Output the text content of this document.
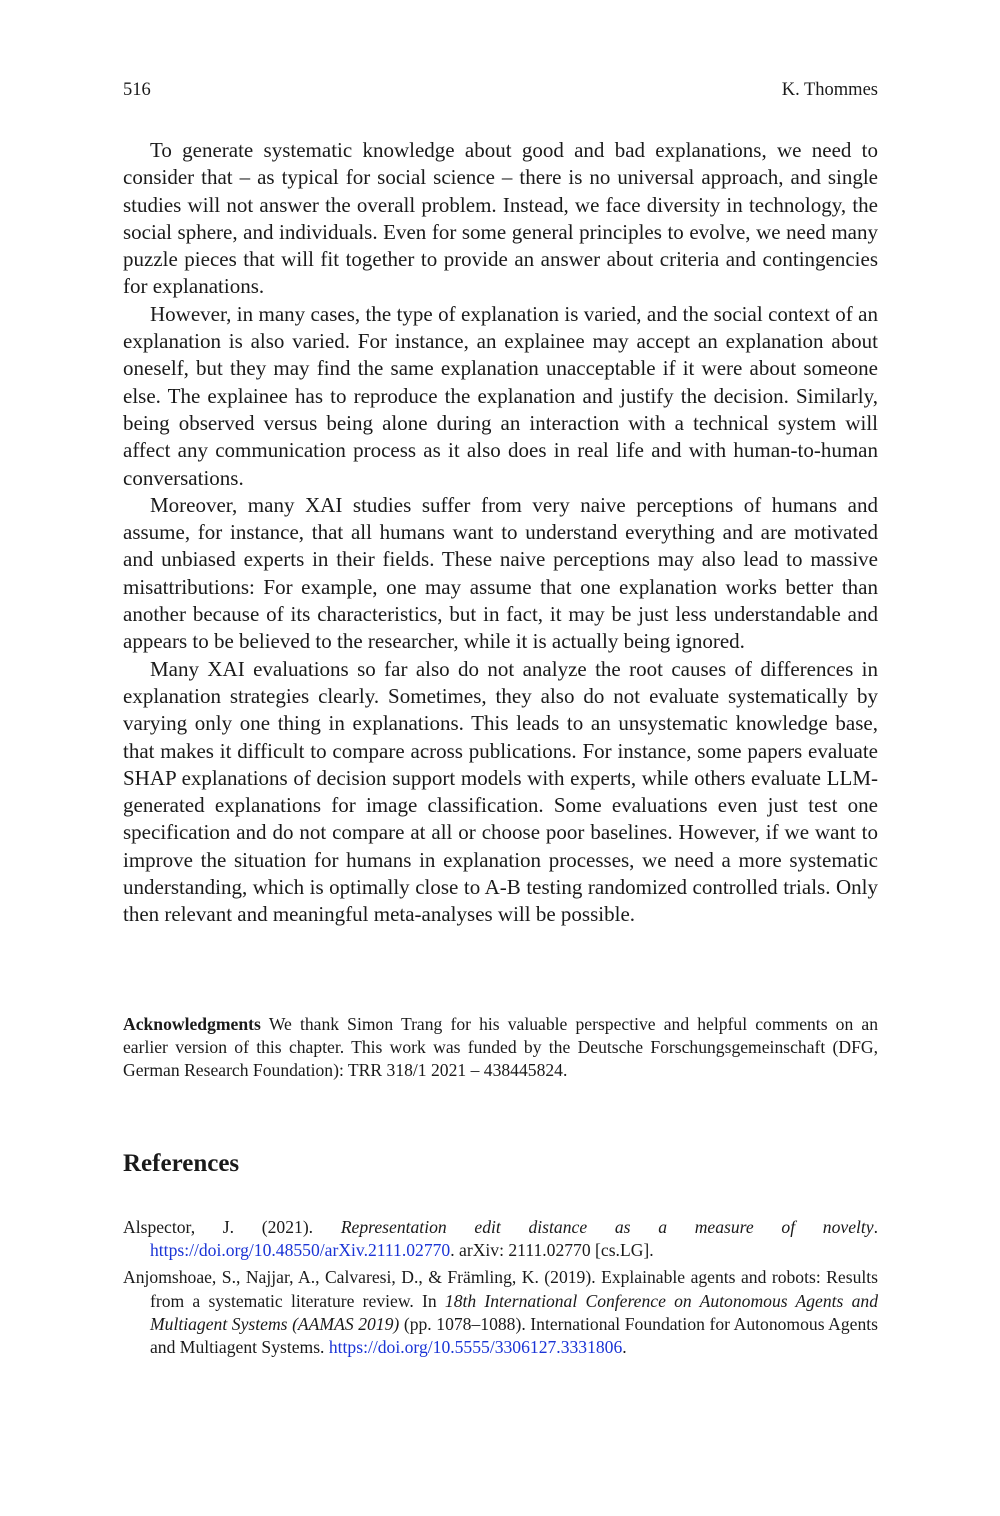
516	K. Thommes

To generate systematic knowledge about good and bad explanations, we need to consider that – as typical for social science – there is no universal approach, and single studies will not answer the overall problem. Instead, we face diversity in technology, the social sphere, and individuals. Even for some general principles to evolve, we need many puzzle pieces that will fit together to provide an answer about criteria and contingencies for explanations.

However, in many cases, the type of explanation is varied, and the social context of an explanation is also varied. For instance, an explainee may accept an explanation about oneself, but they may find the same explanation unacceptable if it were about someone else. The explainee has to reproduce the explanation and justify the decision. Similarly, being observed versus being alone during an interaction with a technical system will affect any communication process as it also does in real life and with human-to-human conversations.

Moreover, many XAI studies suffer from very naive perceptions of humans and assume, for instance, that all humans want to understand everything and are motivated and unbiased experts in their fields. These naive perceptions may also lead to massive misattributions: For example, one may assume that one explanation works better than another because of its characteristics, but in fact, it may be just less understandable and appears to be believed to the researcher, while it is actually being ignored.

Many XAI evaluations so far also do not analyze the root causes of differences in explanation strategies clearly. Sometimes, they also do not evaluate systematically by varying only one thing in explanations. This leads to an unsystematic knowledge base, that makes it difficult to compare across publications. For instance, some papers evaluate SHAP explanations of decision support models with experts, while others evaluate LLM-generated explanations for image classification. Some evaluations even just test one specification and do not compare at all or choose poor baselines. However, if we want to improve the situation for humans in explanation processes, we need a more systematic understanding, which is optimally close to A-B testing randomized controlled trials. Only then relevant and meaningful meta-analyses will be possible.

Acknowledgments We thank Simon Trang for his valuable perspective and helpful comments on an earlier version of this chapter. This work was funded by the Deutsche Forschungsgemeinschaft (DFG, German Research Foundation): TRR 318/1 2021 – 438445824.

References

Alspector, J. (2021). Representation edit distance as a measure of novelty. https://doi.org/10.48550/arXiv.2111.02770. arXiv: 2111.02770 [cs.LG].

Anjomshoae, S., Najjar, A., Calvaresi, D., & Främling, K. (2019). Explainable agents and robots: Results from a systematic literature review. In 18th International Conference on Autonomous Agents and Multiagent Systems (AAMAS 2019) (pp. 1078–1088). International Foundation for Autonomous Agents and Multiagent Systems. https://doi.org/10.5555/3306127.3331806.
